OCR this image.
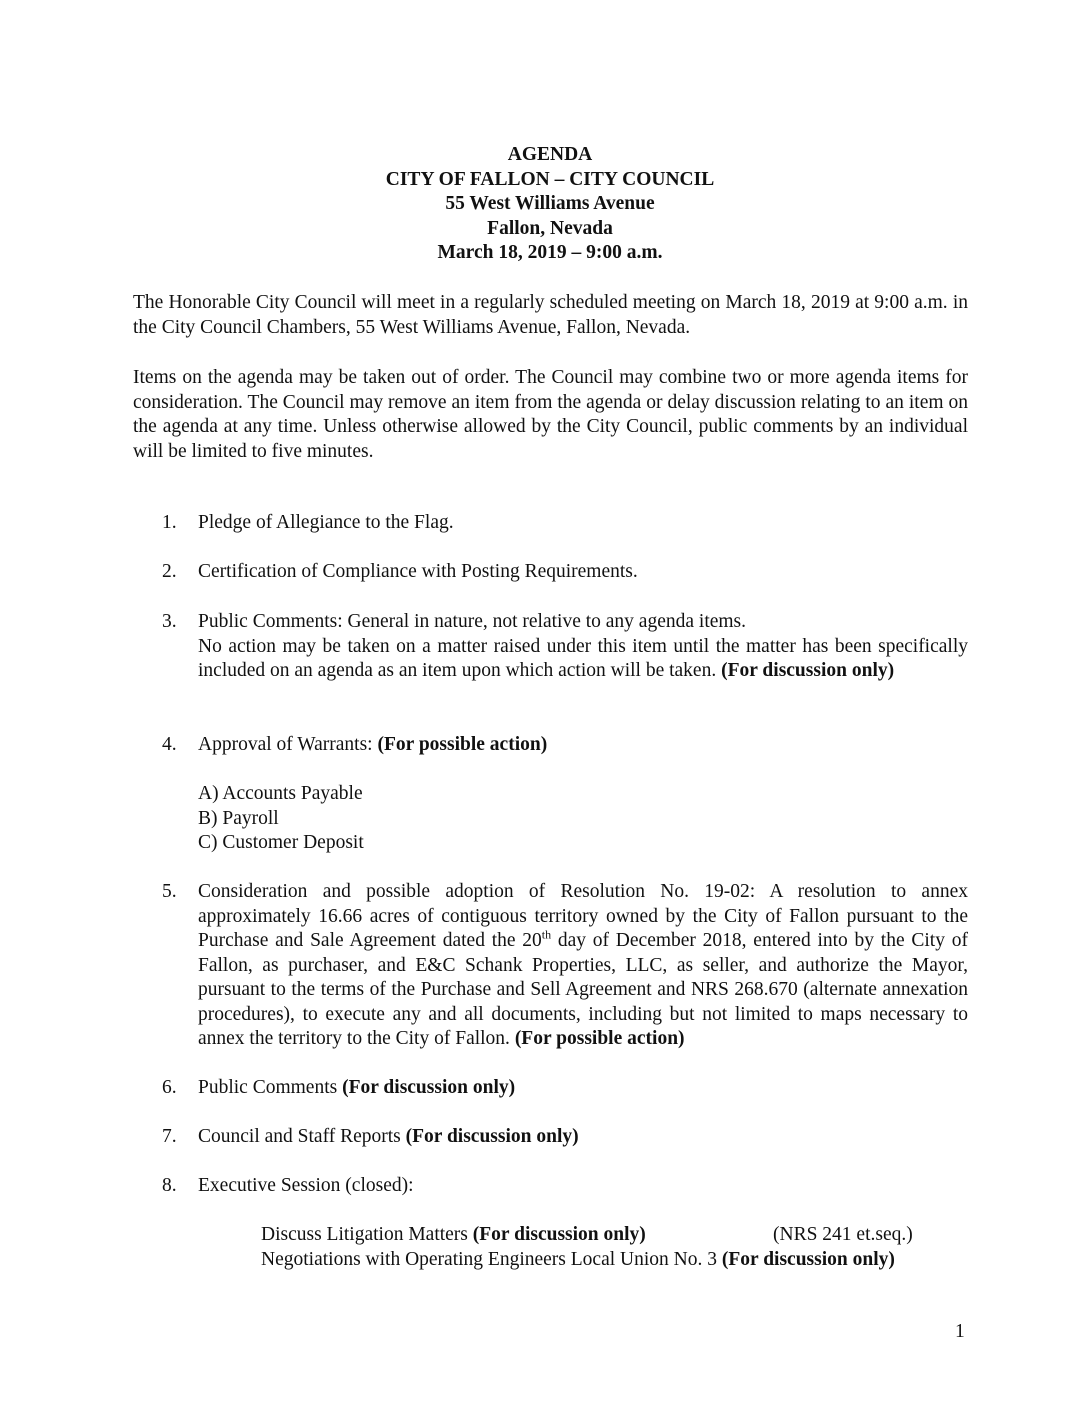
AGENDA
CITY OF FALLON – CITY COUNCIL
55 West Williams Avenue
Fallon, Nevada
March 18, 2019 – 9:00 a.m.

The Honorable City Council will meet in a regularly scheduled meeting on March 18, 2019 at 9:00 a.m. in the City Council Chambers, 55 West Williams Avenue, Fallon, Nevada.

Items on the agenda may be taken out of order. The Council may combine two or more agenda items for consideration. The Council may remove an item from the agenda or delay discussion relating to an item on the agenda at any time. Unless otherwise allowed by the City Council, public comments by an individual will be limited to five minutes.

1.	Pledge of Allegiance to the Flag.
2.	Certification of Compliance with Posting Requirements.
3.	Public Comments: General in nature, not relative to any agenda items.
No action may be taken on a matter raised under this item until the matter has been specifically included on an agenda as an item upon which action will be taken. (For discussion only)
4.	Approval of Warrants: (For possible action)
A) Accounts Payable
B) Payroll
C) Customer Deposit
5.	Consideration and possible adoption of Resolution No. 19-02: A resolution to annex approximately 16.66 acres of contiguous territory owned by the City of Fallon pursuant to the Purchase and Sale Agreement dated the 20th day of December 2018, entered into by the City of Fallon, as purchaser, and E&C Schank Properties, LLC, as seller, and authorize the Mayor, pursuant to the terms of the Purchase and Sell Agreement and NRS 268.670 (alternate annexation procedures), to execute any and all documents, including but not limited to maps necessary to annex the territory to the City of Fallon. (For possible action)
6.	Public Comments (For discussion only)
7.	Council and Staff Reports (For discussion only)
8.	Executive Session (closed):
Discuss Litigation Matters (For discussion only)	(NRS 241 et.seq.)
Negotiations with Operating Engineers Local Union No. 3 (For discussion only)
1
